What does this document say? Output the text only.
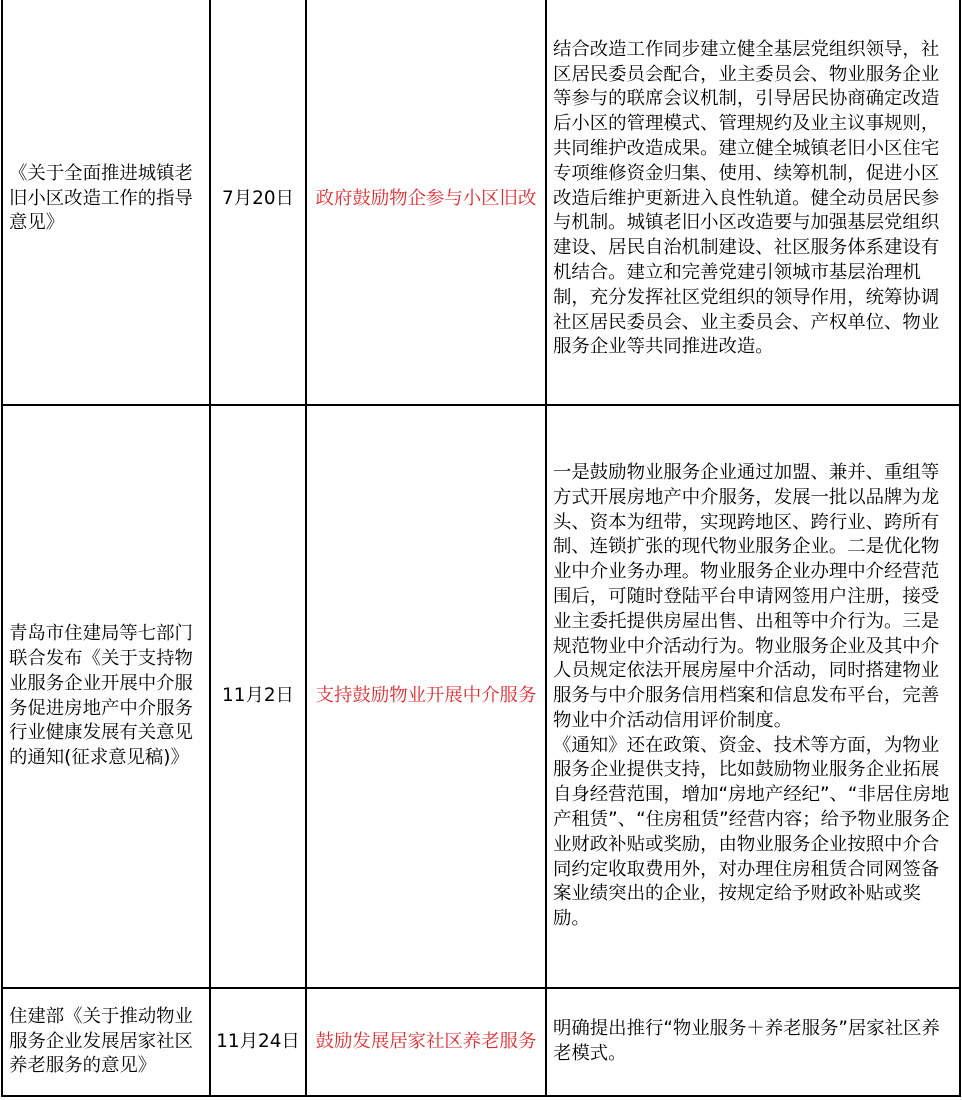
《关于全面推进城镇老旧小区改造工作的指导意见》	7月20日	政府鼓励物企参与小区旧改	结合改造工作同步建立健全基层党组织领导，社区居民委员会配合，业主委员会、物业服务企业等参与的联席会议机制，引导居民协商确定改造后小区的管理模式、管理规约及业主议事规则，共同维护改造成果。建立健全城镇老旧小区住宅专项维修资金归集、使用、续筹机制，促进小区改造后维护更新进入良性轨道。健全动员居民参与机制。城镇老旧小区改造要与加强基层党组织建设、居民自治机制建设、社区服务体系建设有机结合。建立和完善党建引领城市基层治理机制，充分发挥社区党组织的领导作用，统筹协调社区居民委员会、业主委员会、产权单位、物业服务企业等共同推进改造。

青岛市住建局等七部门联合发布《关于支持物业服务企业开展中介服务促进房地产中介服务行业健康发展有关意见的通知(征求意见稿)》	11月2日	支持鼓励物业开展中介服务	一是鼓励物业服务企业通过加盟、兼并、重组等方式开展房地产中介服务，发展一批以品牌为龙头、资本为纽带，实现跨地区、跨行业、跨所有制、连锁扩张的现代物业服务企业。二是优化物业中介业务办理。物业服务企业办理中介经营范围后，可随时登陆平台申请网签用户注册，接受业主委托提供房屋出售、出租等中介行为。三是规范物业中介活动行为。物业服务企业及其中介人员规定依法开展房屋中介活动，同时搭建物业服务与中介服务信用档案和信息发布平台，完善物业中介活动信用评价制度。
《通知》还在政策、资金、技术等方面，为物业服务企业提供支持，比如鼓励物业服务企业拓展自身经营范围，增加“房地产经纪”、“非居住房地产租赁”、“住房租赁”经营内容；给予物业服务企业财政补贴或奖励，由物业服务企业按照中介合同约定收取费用外，对办理住房租赁合同网签备案业绩突出的企业，按规定给予财政补贴或奖励。

住建部《关于推动物业服务企业发展居家社区养老服务的意见》	11月24日	鼓励发展居家社区养老服务	明确提出推行“物业服务＋养老服务”居家社区养老模式。
